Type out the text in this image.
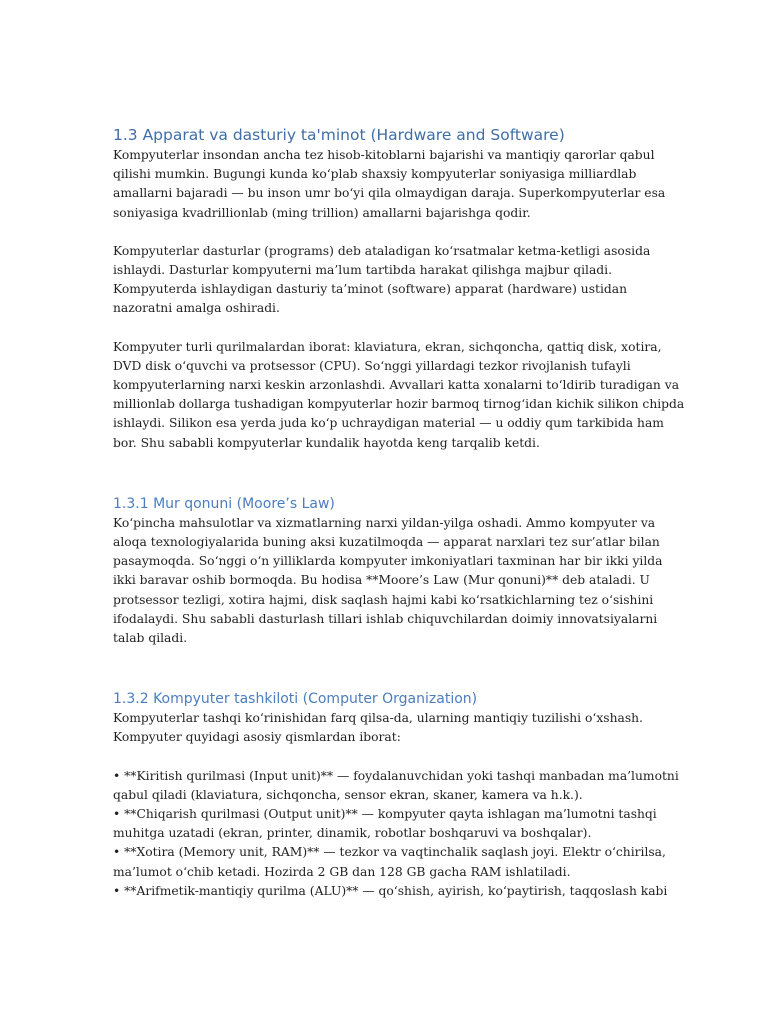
1.3 Apparat va dasturiy ta'minot (Hardware and Software)

Kompyuterlar insondan ancha tez hisob-kitoblarni bajarishi va mantiqiy qarorlar qabul
qilishi mumkin. Bugungi kunda ko‘plab shaxsiy kompyuterlar soniyasiga milliardlab
amallarni bajaradi — bu inson umr bo‘yi qila olmaydigan daraja. Superkompyuterlar esa
soniyasiga kvadrillionlab (ming trillion) amallarni bajarishga qodir.

Kompyuterlar dasturlar (programs) deb ataladigan ko‘rsatmalar ketma-ketligi asosida
ishlaydi. Dasturlar kompyuterni ma’lum tartibda harakat qilishga majbur qiladi.
Kompyuterda ishlaydigan dasturiy ta’minot (software) apparat (hardware) ustidan
nazoratni amalga oshiradi.

Kompyuter turli qurilmalardan iborat: klaviatura, ekran, sichqoncha, qattiq disk, xotira,
DVD disk o‘quvchi va protsessor (CPU). So‘nggi yillardagi tezkor rivojlanish tufayli
kompyuterlarning narxi keskin arzonlashdi. Avvallari katta xonalarni to‘ldirib turadigan va
millionlab dollarga tushadigan kompyuterlar hozir barmoq tirnog‘idan kichik silikon chipda
ishlaydi. Silikon esa yerda juda ko‘p uchraydigan material — u oddiy qum tarkibida ham
bor. Shu sababli kompyuterlar kundalik hayotda keng tarqalib ketdi.

1.3.1 Mur qonuni (Moore’s Law)

Ko‘pincha mahsulotlar va xizmatlarning narxi yildan-yilga oshadi. Ammo kompyuter va
aloqa texnologiyalarida buning aksi kuzatilmoqda — apparat narxlari tez sur’atlar bilan
pasaymoqda. So‘nggi o‘n yilliklarda kompyuter imkoniyatlari taxminan har bir ikki yilda
ikki baravar oshib bormoqda. Bu hodisa **Moore’s Law (Mur qonuni)** deb ataladi. U
protsessor tezligi, xotira hajmi, disk saqlash hajmi kabi ko‘rsatkichlarning tez o‘sishini
ifodalaydi. Shu sababli dasturlash tillari ishlab chiquvchilardan doimiy innovatsiyalarni
talab qiladi.

1.3.2 Kompyuter tashkiloti (Computer Organization)

Kompyuterlar tashqi ko‘rinishidan farq qilsa-da, ularning mantiqiy tuzilishi o‘xshash.
Kompyuter quyidagi asosiy qismlardan iborat:

• **Kiritish qurilmasi (Input unit)** — foydalanuvchidan yoki tashqi manbadan ma’lumotni
qabul qiladi (klaviatura, sichqoncha, sensor ekran, skaner, kamera va h.k.).
• **Chiqarish qurilmasi (Output unit)** — kompyuter qayta ishlagan ma’lumotni tashqi
muhitga uzatadi (ekran, printer, dinamik, robotlar boshqaruvi va boshqalar).
• **Xotira (Memory unit, RAM)** — tezkor va vaqtinchalik saqlash joyi. Elektr o‘chirilsa,
ma’lumot o‘chib ketadi. Hozirda 2 GB dan 128 GB gacha RAM ishlatiladi.
• **Arifmetik-mantiqiy qurilma (ALU)** — qo‘shish, ayirish, ko‘paytirish, taqqoslash kabi
